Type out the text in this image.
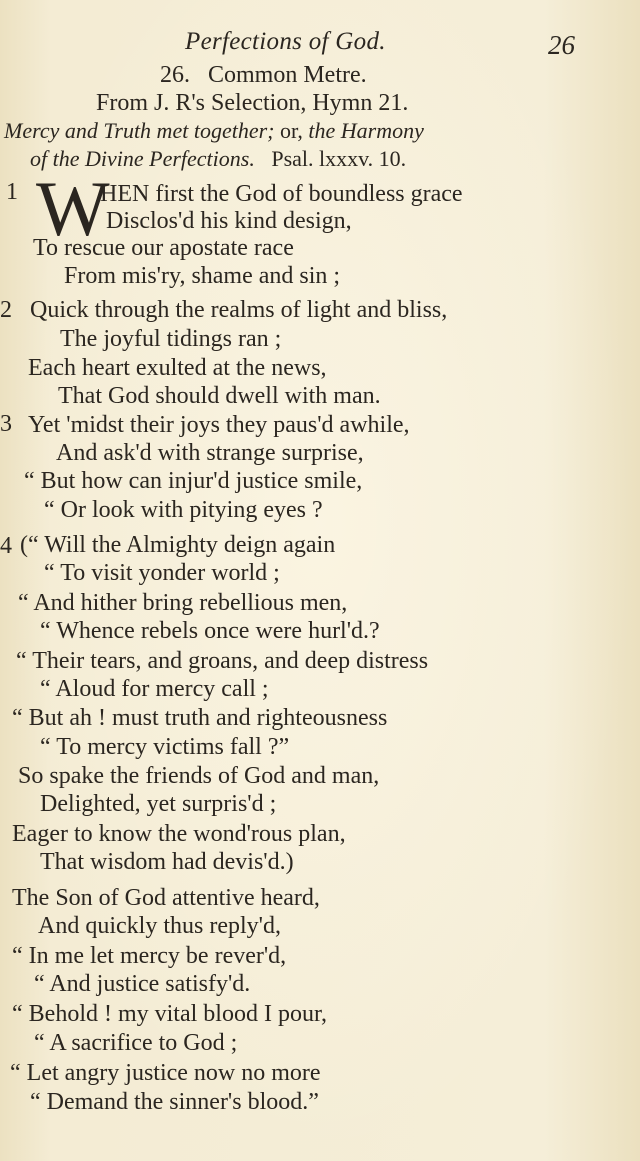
Perfections of God.	26
26. Common Metre.
From J. R's Selection, Hymn 21.
Mercy and Truth met together; or, the Harmony
of the Divine Perfections. Psal. lxxxv. 10.
W
1
2
3
4
HEN first the God of boundless grace
Disclos'd his kind design,
To rescue our apostate race
From mis'ry, shame and sin ;
Quick through the realms of light and bliss,
The joyful tidings ran ;
Each heart exulted at the news,
That God should dwell with man.
Yet 'midst their joys they paus'd awhile,
And ask'd with strange surprise,
“ But how can injur'd justice smile,
“ Or look with pitying eyes ?
(“ Will the Almighty deign again
“ To visit yonder world ;
“ And hither bring rebellious men,
“ Whence rebels once were hurl'd.?
“ Their tears, and groans, and deep distress
“ Aloud for mercy call ;
“ But ah ! must truth and righteousness
“ To mercy victims fall ?”
So spake the friends of God and man,
Delighted, yet surpris'd ;
Eager to know the wond'rous plan,
That wisdom had devis'd.)
The Son of God attentive heard,
And quickly thus reply'd,
“ In me let mercy be rever'd,
“ And justice satisfy'd.
“ Behold ! my vital blood I pour,
“ A sacrifice to God ;
“ Let angry justice now no more
“ Demand the sinner's blood.”
